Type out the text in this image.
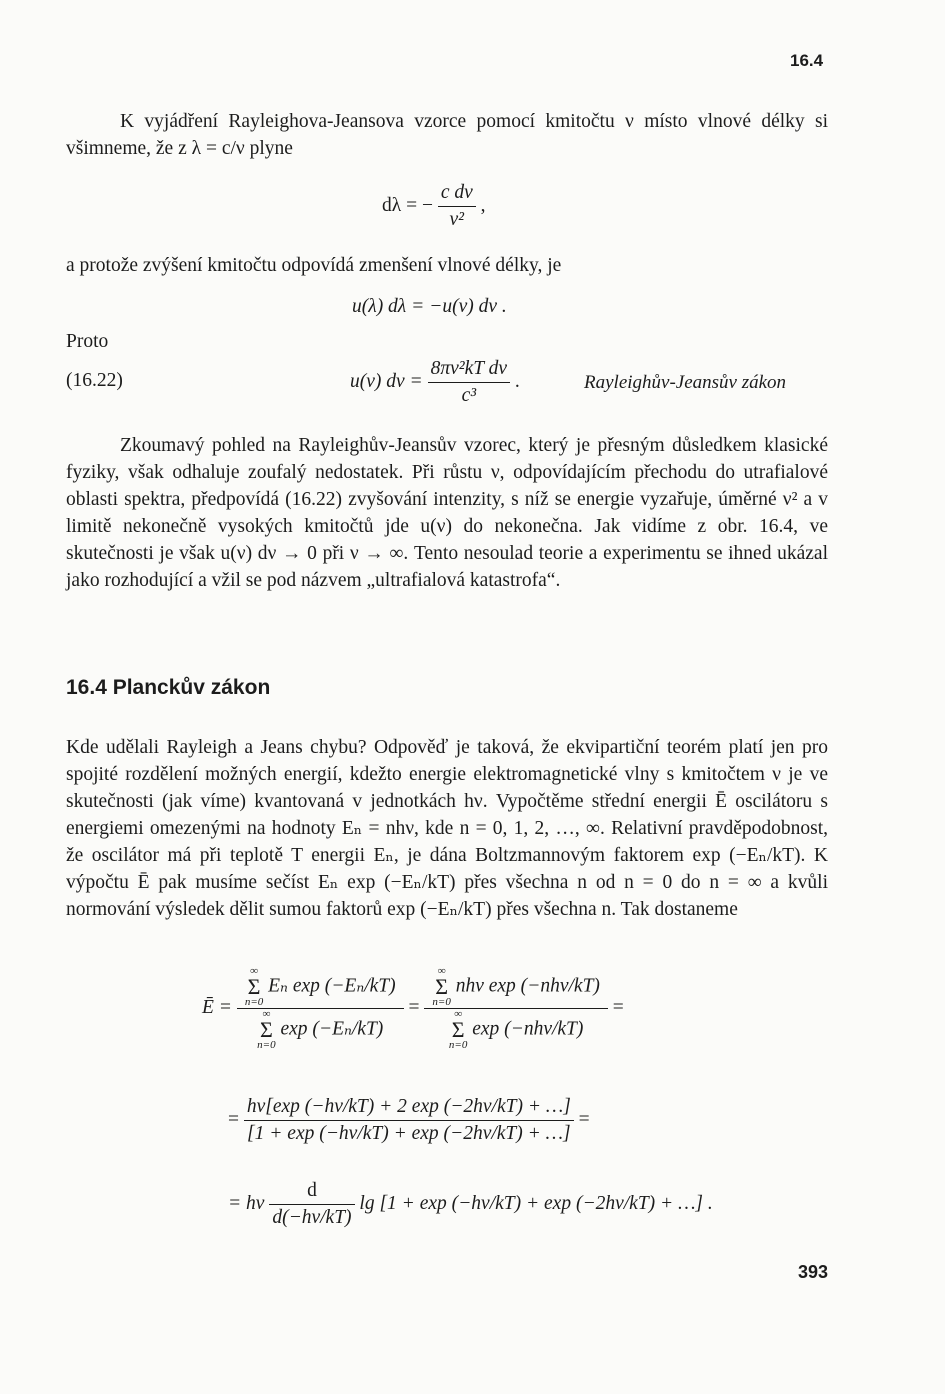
16.4

K vyjádření Rayleighova-Jeansova vzorce pomocí kmitočtu ν místo vlnové délky si všimneme, že z λ = c/ν plyne

dλ = − $\frac{\text{c dν}}{\text{ν²}}$ ,

a protože zvýšení kmitočtu odpovídá zmenšení vlnové délky, je

u(λ) dλ = −u(ν) dν .

Proto

(16.22)	u(ν) $d\nu = \frac{\text{8πν²kT dν}}{\text{c³}}$ .	Rayleighův-Jeansův zákon

Zkoumavý pohled na Rayleighův-Jeansův vzorec, který je přesným důsledkem klasické fyziky, však odhaluje zoufalý nedostatek. Při růstu ν, odpovídajícím přechodu do utrafialové oblasti spektra, předpovídá (16.22) zvyšování intenzity, s níž se energie vyzařuje, úměrné ν² a v limitě nekonečně vysokých kmitočtů jde u(ν) do nekonečna. Jak vidíme z obr. 16.4, ve skutečnosti je však u(ν) dν → 0 při ν → ∞. Tento nesoulad teorie a experimentu se ihned ukázal jako rozhodující a vžil se pod názvem „ultrafialová katastrofa“.

16.4 Planckův zákon

Kde udělali Rayleigh a Jeans chybu? Odpověď je taková, že ekvipartiční teorém platí jen pro spojité rozdělení možných energií, kdežto energie elektromagnetické vlny s kmitočtem ν je ve skutečnosti (jak víme) kvantovaná v jednotkách hν. Vypočtěme střední energii Ē oscilátoru s energiemi omezenými na hodnoty Eₙ = nhν, kde n = 0, 1, 2, …, ∞. Relativní pravděpodobnost, že oscilátor má při teplotě T energii Eₙ, je dána Boltzmannovým faktorem exp (−Eₙ/kT). K výpočtu Ē pak musíme sečíst Eₙ exp (−Eₙ/kT) přes všechna n od n = 0 do n = ∞ a kvůli normování výsledek dělit sumou faktorů exp (−Eₙ/kT) přes všechna n. Tak dostaneme

Ē = ∞
Σ
n=0
Eₙ exp (−Eₙ/kT)
∞
Σ
n=0
exp (−Eₙ/kT) = ∞
Σ
n=0
nhν exp (−nhν/kT)
∞
Σ
n=0
exp (−nhν/kT) =
= $\frac{h\nu[\exp (-h\nu/kT) + 2 \exp (-2h\nu/kT) + \dots]}{[1 + \exp (-h\nu/kT) + \exp (-2h\nu/kT) + \dots]}$ =
= hν $\frac{d}{d(-h\nu/kT)}$ lg [1 + exp (−hν/kT) + exp (−2hν/kT) + …] .
393
